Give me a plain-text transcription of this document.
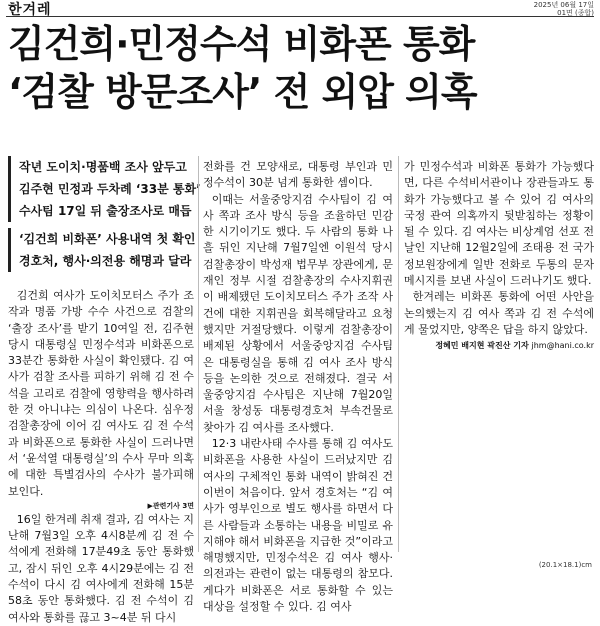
한겨레	2025년 06월 17일
01면 (종합)
김건희·민정수석 비화폰 통화
‘검찰 방문조사’ 전 외압 의혹
작년 도이치·명품백 조사 앞두고
김주현 민정과 두차례 ‘33분 통화’
수사팀 17일 뒤 출장조사로 매듭
‘김건희 비화폰’ 사용내역 첫 확인
경호처, 행사·의전용 해명과 달라

김건희 여사가 도이치모터스 주가 조작과 명품 가방 수수 사건으로 검찰의 ‘출장 조사’를 받기 10여일 전, 김주현 당시 대통령실 민정수석과 비화폰으로 33분간 통화한 사실이 확인됐다. 김 여사가 검찰 조사를 피하기 위해 김 전 수석을 고리로 검찰에 영향력을 행사하려 한 것 아니냐는 의심이 나온다. 심우정 검찰총장에 이어 김 여사도 김 전 수석과 비화폰으로 통화한 사실이 드러나면서 ‘윤석열 대통령실’의 수사 무마 의혹에 대한 특별검사의 수사가 불가피해 보인다.

▶관련기사 3면

16일 한겨레 취재 결과, 김 여사는 지난해 7월3일 오후 4시8분께 김 전 수석에게 전화해 17분49초 동안 통화했고, 잠시 뒤인 오후 4시29분에는 김 전 수석이 다시 김 여사에게 전화해 15분58초 동안 통화했다. 김 전 수석이 김 여사와 통화를 끊고 3~4분 뒤 다시

전화를 건 모양새로, 대통령 부인과 민정수석이 30분 넘게 통화한 셈이다.

이때는 서울중앙지검 수사팀이 김 여사 쪽과 조사 방식 등을 조율하던 민감한 시기이기도 했다. 두 사람의 통화 나흘 뒤인 지난해 7월7일엔 이원석 당시 검찰총장이 박성재 법무부 장관에게, 문재인 정부 시절 검찰총장의 수사지휘권이 배제됐던 도이치모터스 주가 조작 사건에 대한 지휘권을 회복해달라고 요청했지만 거절당했다. 이렇게 검찰총장이 배제된 상황에서 서울중앙지검 수사팀은 대통령실을 통해 김 여사 조사 방식 등을 논의한 것으로 전해졌다. 결국 서울중앙지검 수사팀은 지난해 7월20일 서울 창성동 대통령경호처 부속건물로 찾아가 김 여사를 조사했다.

12·3 내란사태 수사를 통해 김 여사도 비화폰을 사용한 사실이 드러났지만 김 여사의 구체적인 통화 내역이 밝혀진 건 이번이 처음이다. 앞서 경호처는 “김 여사가 영부인으로 별도 행사를 하면서 다른 사람들과 소통하는 내용을 비밀로 유지해야 해서 비화폰을 지급한 것”이라고 해명했지만, 민정수석은 김 여사 행사·의전과는 관련이 없는 대통령의 참모다. 게다가 비화폰은 서로 통화할 수 있는 대상을 설정할 수 있다. 김 여사

가 민정수석과 비화폰 통화가 가능했다면, 다른 수석비서관이나 장관들과도 통화가 가능했다고 볼 수 있어 김 여사의 국정 관여 의혹까지 뒷받침하는 정황이 될 수 있다. 김 여사는 비상계엄 선포 전날인 지난해 12월2일에 조태용 전 국가정보원장에게 일반 전화로 두통의 문자메시지를 보낸 사실이 드러나기도 했다.

한겨레는 비화폰 통화에 어떤 사안을 논의했는지 김 여사 쪽과 김 전 수석에게 물었지만, 양쪽은 답을 하지 않았다.

정혜민 배지현 곽진산 기자 jhm@hani.co.kr

(20.1×18.1)cm
